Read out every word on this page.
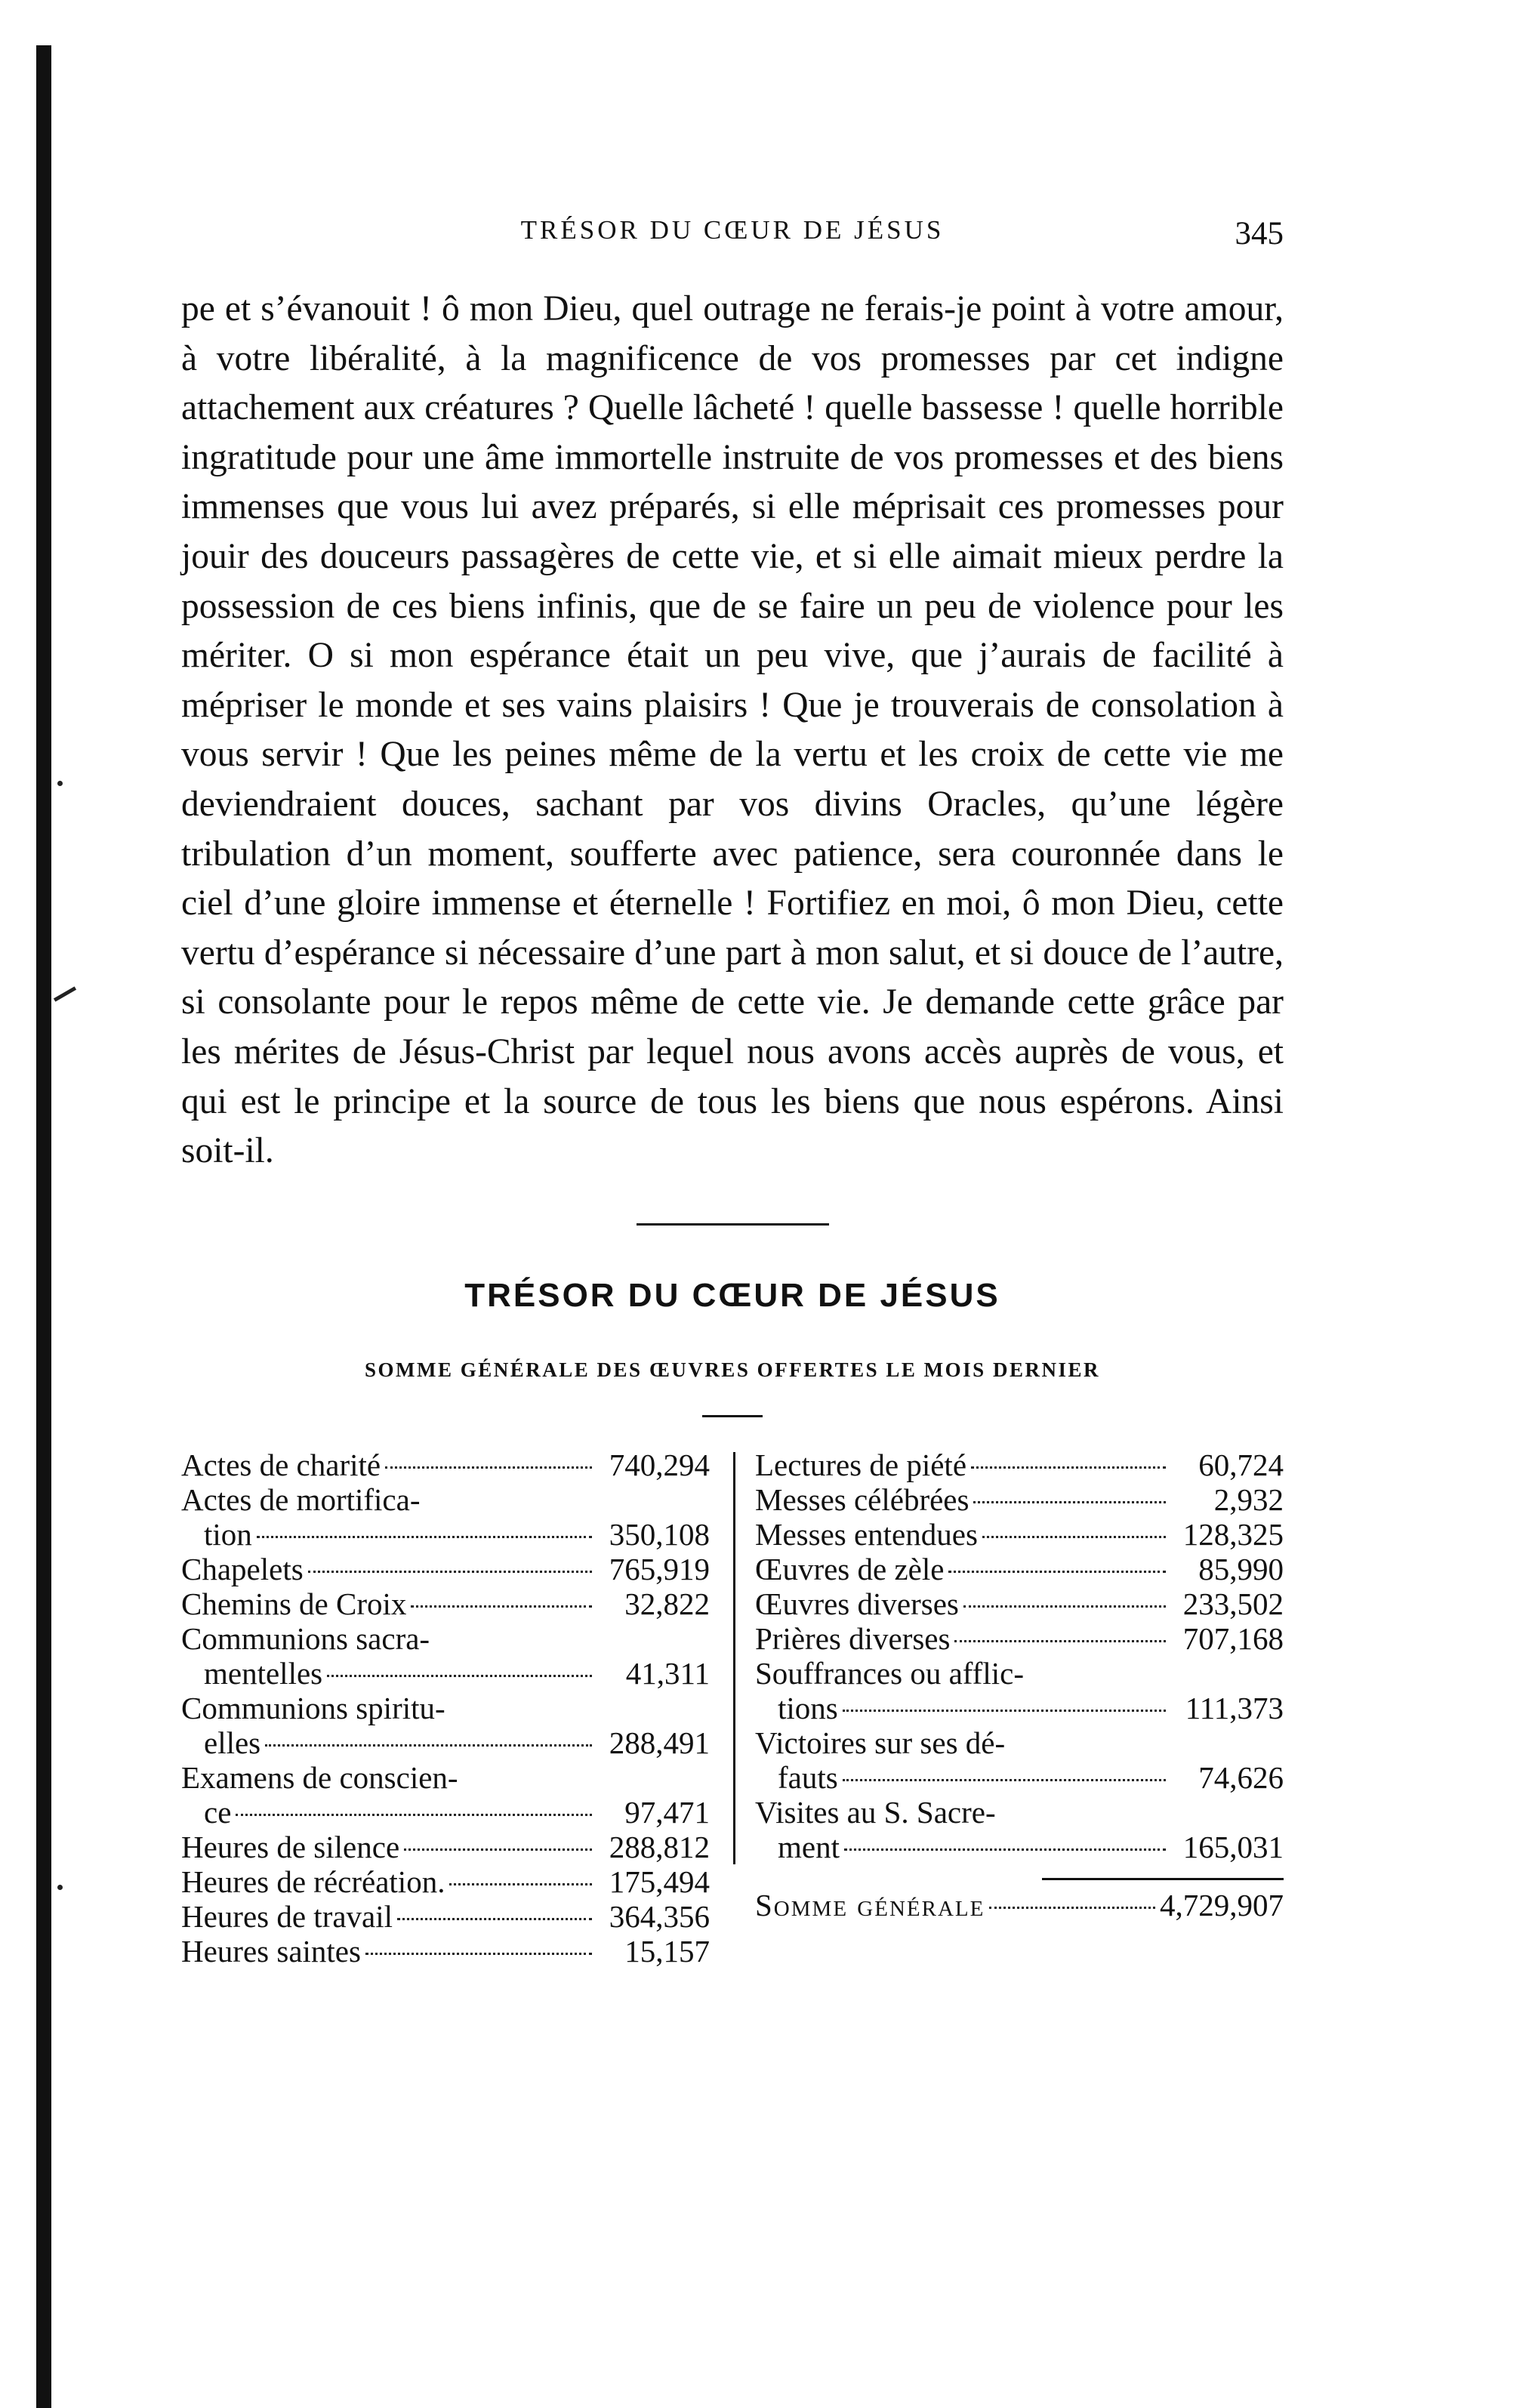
TRÉSOR DU CŒUR DE JÉSUS	345

pe et s’évanouit ! ô mon Dieu, quel outrage ne ferais-je point à votre amour, à votre libéralité, à la magnificence de vos promesses par cet indigne attachement aux créatures ? Quelle lâcheté ! quelle bassesse ! quelle horrible ingratitude pour une âme immortelle instruite de vos promesses et des biens immenses que vous lui avez préparés, si elle méprisait ces promesses pour jouir des douceurs passagères de cette vie, et si elle aimait mieux perdre la possession de ces biens infinis, que de se faire un peu de violence pour les mériter. O si mon espérance était un peu vive, que j’aurais de facilité à mépriser le monde et ses vains plaisirs ! Que je trouverais de consolation à vous servir ! Que les peines même de la vertu et les croix de cette vie me deviendraient douces, sachant par vos divins Oracles, qu’une légère tribulation d’un moment, soufferte avec patience, sera couronnée dans le ciel d’une gloire immense et éternelle ! Fortifiez en moi, ô mon Dieu, cette vertu d’espérance si nécessaire d’une part à mon salut, et si douce de l’autre, si consolante pour le repos même de cette vie. Je demande cette grâce par les mérites de Jésus-Christ par lequel nous avons accès auprès de vous, et qui est le principe et la source de tous les biens que nous espérons. Ainsi soit-il.

TRÉSOR DU CŒUR DE JÉSUS
SOMME GÉNÉRALE DES ŒUVRES OFFERTES LE MOIS DERNIER
Actes de charité	740,294
Actes de mortifica-
tion	350,108
Chapelets	765,919
Chemins de Croix	32,822
Communions sacra-
mentelles	41,311
Communions spiritu-
elles	288,491
Examens de conscien-
ce	97,471
Heures de silence	288,812
Heures de récréation.	175,494
Heures de travail	364,356
Heures saintes	15,157
Lectures de piété	60,724
Messes célébrées	2,932
Messes entendues	128,325
Œuvres de zèle	85,990
Œuvres diverses	233,502
Prières diverses	707,168
Souffrances ou afflic-
tions	111,373
Victoires sur ses dé-
fauts	74,626
Visites au S. Sacre-
ment	165,031
Somme générale	4,729,907
